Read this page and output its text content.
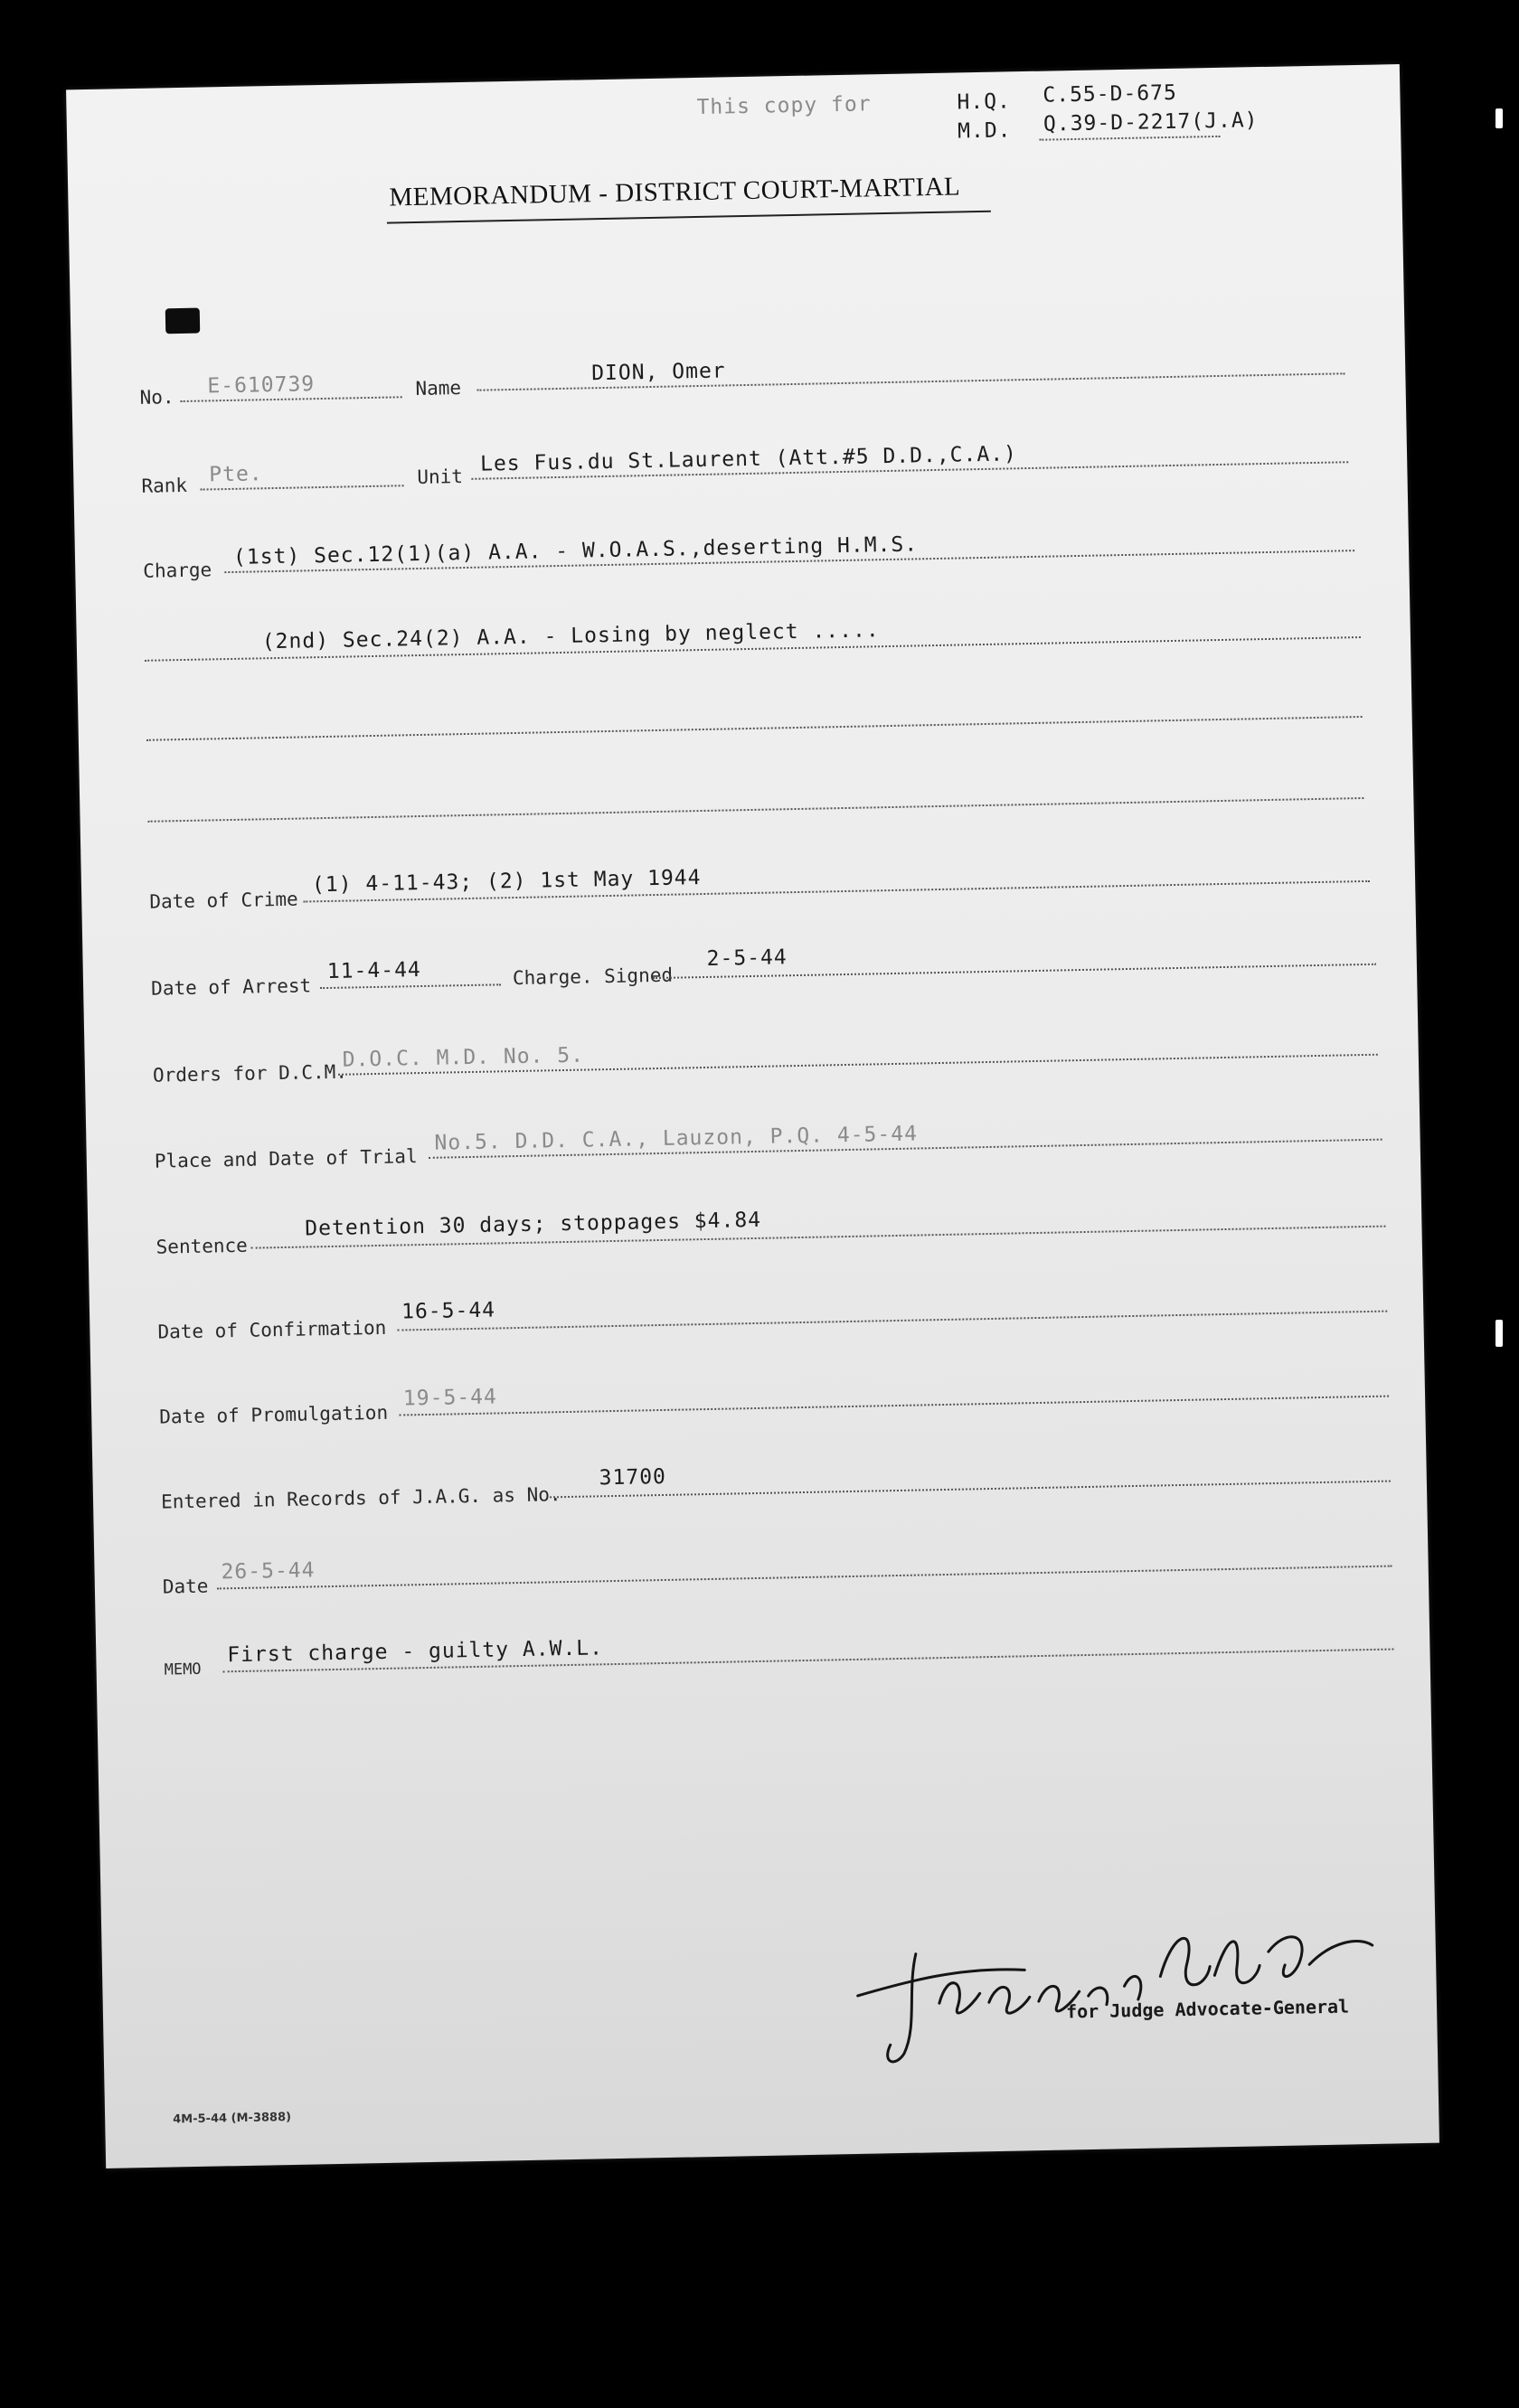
This copy for	H.Q. C.55-D-675
M.D. Q.39-D-2217(J.A)
MEMORANDUM - DISTRICT COURT-MARTIAL
No. E-610739	Name
DION, Omer
Rank Pte.	Unit
Les Fus.du St.Laurent (Att.#5 D.D.,C.A.)
Charge
(1st) Sec.12(1)(a) A.A. - W.O.A.S.,deserting H.M.S.
(2nd) Sec.24(2) A.A. - Losing by neglect .....
Date of Crime
(1) 4-11-43; (2) 1st May 1944
Date of Arrest
11-4-44	Charge. Signed
2-5-44
Orders for D.C.M.
D.O.C. M.D. No. 5.
Place and Date of Trial
No.5. D.D. C.A., Lauzon, P.Q. 4-5-44
Sentence
Detention 30 days; stoppages $4.84
Date of Confirmation
16-5-44
Date of Promulgation
19-5-44
Entered in Records of J.A.G. as No.
31700
Date
26-5-44
MEMO
First charge - guilty A.W.L.
for Judge Advocate-General
4M-5-44 (M-3888)
